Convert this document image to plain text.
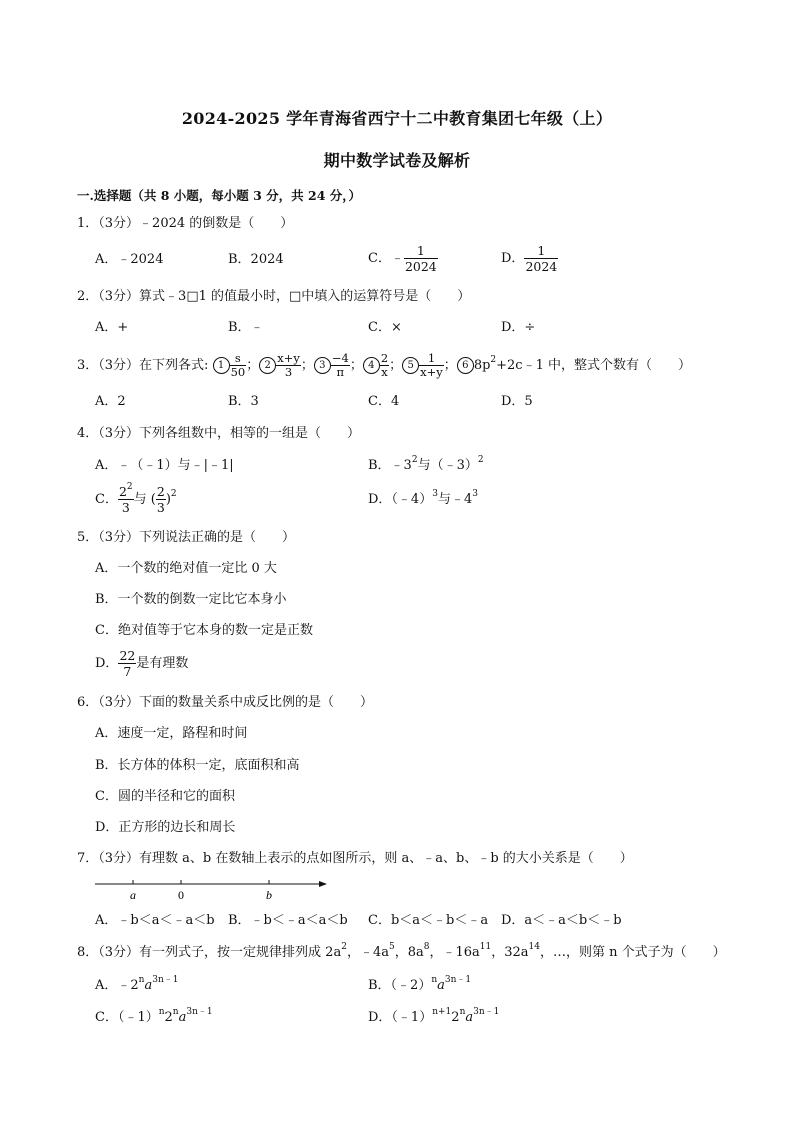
2024-2025 学年青海省西宁十二中教育集团七年级（上）
期中数学试卷及解析
一.选择题（共 8 小题，每小题 3 分，共 24 分，）
1．（3分）﹣2024 的倒数是（　　）
A．﹣2024	B．2024	C．﹣ $\frac{1}{2024}$	D． $\frac{1}{2024}$
2．（3分）算式﹣3□1 的值最小时，□中填入的运算符号是（　　）
A．+	B．﹣	C．×	D．÷
3．（3分）在下列各式: $1 \frac{s}{50}$ ； $2 \frac{x+y}{3}$ ； $3 \frac{-4}{\pi}$ ； $4 \frac{2}{x}$ ； $5 \frac{1}{x+y}$ ； 6 $8p^2+2c﹣1$ 中，整式个数有（　　）
A．2	B．3	C．4	D．5
4．（3分）下列各组数中，相等的一组是（　　）
A．﹣（﹣1）与﹣|﹣1|	B．$﹣3^2$与（﹣3）$^2$
C． $\frac{2^2}{3}$ 与 ( $\frac{2}{3} )^2$	D．（﹣4）$^3$与$﹣4^3$
5．（3分）下列说法正确的是（　　）
A．一个数的绝对值一定比 0 大
B．一个数的倒数一定比它本身小
C．绝对值等于它本身的数一定是正数
D． $\frac{22}{7}$ 是有理数
6．（3分）下面的数量关系中成反比例的是（　　）
A．速度一定，路程和时间
B．长方体的体积一定，底面积和高
C．圆的半径和它的面积
D．正方形的边长和周长
7．（3分）有理数 a、b 在数轴上表示的点如图所示，则 a、﹣a、b、﹣b 的大小关系是（　　）
a	0	b
A．﹣b＜a＜﹣a＜b B．﹣b＜﹣a＜a＜b C．b＜a＜﹣b＜﹣a D．a＜﹣a＜b＜﹣b
8．（3分）有一列式子，按一定规律排列成 $2a^2$，$﹣4a^5$，$8a^8$，$﹣16a^{11}$，$32a^{14}$，…，则第 n 个式子为（　　）
A．$﹣2^na^{3n﹣1}$	B．$(﹣2)^na^{3n﹣1}$
C．$(﹣1)^n2^na^{3n﹣1}$	D．$(﹣1)^{n+1}2^na^{3n﹣1}$
